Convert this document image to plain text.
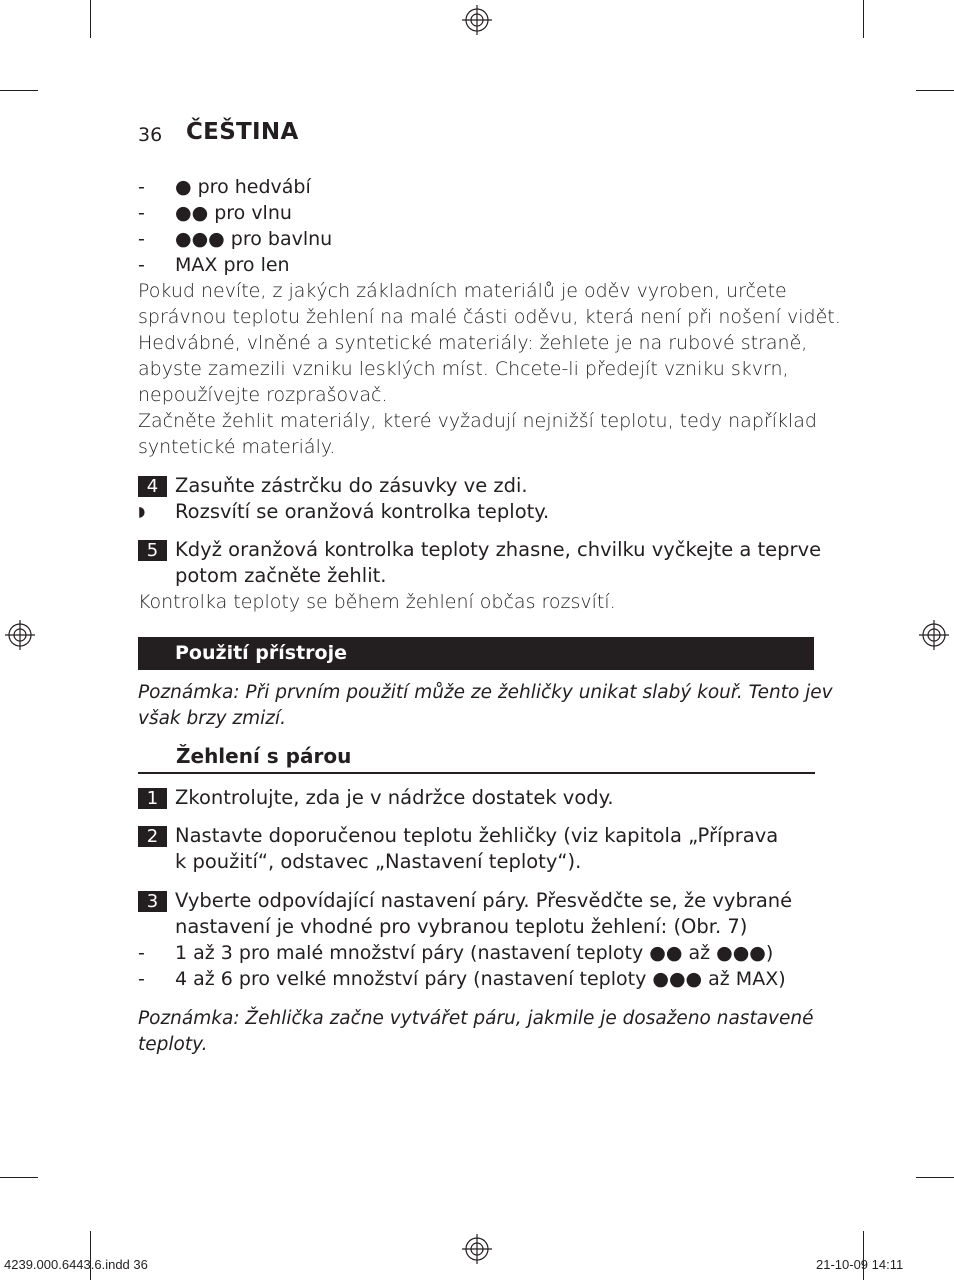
36 ČEŠTINA
- ● pro hedvábí
- ●● pro vlnu
- ●●● pro bavlnu
- MAX pro len
Pokud nevíte, z jakých základních materiálů je oděv vyroben, určete
správnou teplotu žehlení na malé části oděvu, která není při nošení vidět.
Hedvábné, vlněné a syntetické materiály: žehlete je na rubové straně,
abyste zamezili vzniku lesklých míst. Chcete-li předejít vzniku skvrn,
nepoužívejte rozprašovač.
Začněte žehlit materiály, které vyžadují nejnižší teplotu, tedy například
syntetické materiály.
4 Zasuňte zástrčku do zásuvky ve zdi.
◗ Rozsvítí se oranžová kontrolka teploty.
5 Když oranžová kontrolka teploty zhasne, chvilku vyčkejte a teprve
potom začněte žehlit.
Kontrolka teploty se během žehlení občas rozsvítí.
Použití přístroje
Poznámka: Při prvním použití může ze žehličky unikat slabý kouř. Tento jev
však brzy zmizí.
Žehlení s párou
1 Zkontrolujte, zda je v nádržce dostatek vody.
2 Nastavte doporučenou teplotu žehličky (viz kapitola „Příprava
k použití“, odstavec „Nastavení teploty“).
3 Vyberte odpovídající nastavení páry. Přesvědčte se, že vybrané
nastavení je vhodné pro vybranou teplotu žehlení: (Obr. 7)
- 1 až 3 pro malé množství páry (nastavení teploty ●● až ●●●)
- 4 až 6 pro velké množství páry (nastavení teploty ●●● až MAX)
Poznámka: Žehlička začne vytvářet páru, jakmile je dosaženo nastavené
teploty.
4239.000.6443.6.indd 36	21-10-09 14:11
